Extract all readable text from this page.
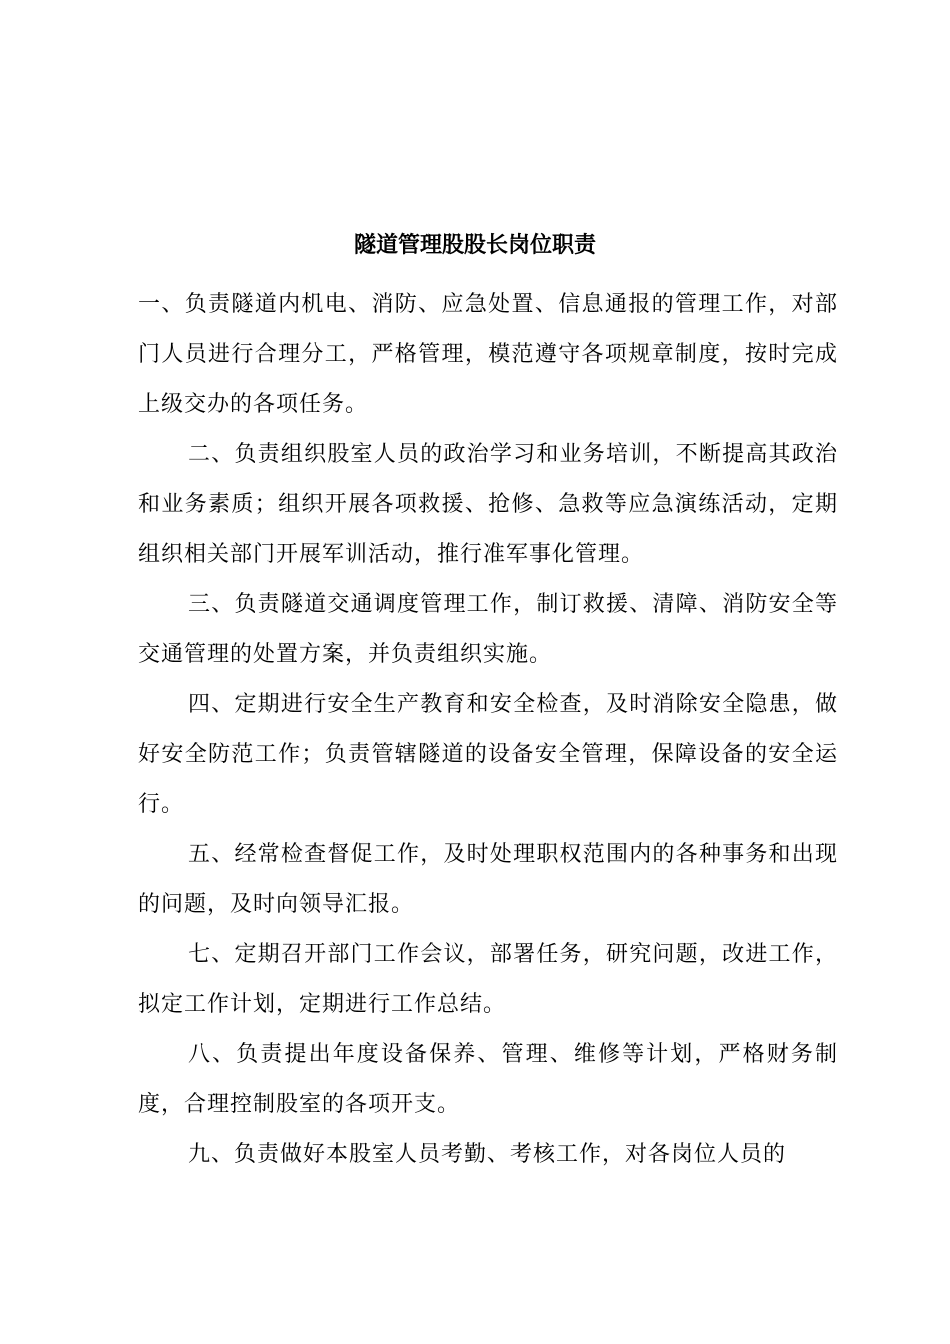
隧道管理股股长岗位职责

一、负责隧道内机电、消防、应急处置、信息通报的管理工作，对部门人员进行合理分工，严格管理，模范遵守各项规章制度，按时完成上级交办的各项任务。

二、负责组织股室人员的政治学习和业务培训，不断提高其政治和业务素质；组织开展各项救援、抢修、急救等应急演练活动，定期组织相关部门开展军训活动，推行准军事化管理。

三、负责隧道交通调度管理工作，制订救援、清障、消防安全等交通管理的处置方案，并负责组织实施。

四、定期进行安全生产教育和安全检查，及时消除安全隐患，做好安全防范工作；负责管辖隧道的设备安全管理，保障设备的安全运行。

五、经常检查督促工作，及时处理职权范围内的各种事务和出现的问题，及时向领导汇报。

七、定期召开部门工作会议，部署任务，研究问题，改进工作，拟定工作计划，定期进行工作总结。

八、负责提出年度设备保养、管理、维修等计划，严格财务制度，合理控制股室的各项开支。

九、负责做好本股室人员考勤、考核工作，对各岗位人员的
